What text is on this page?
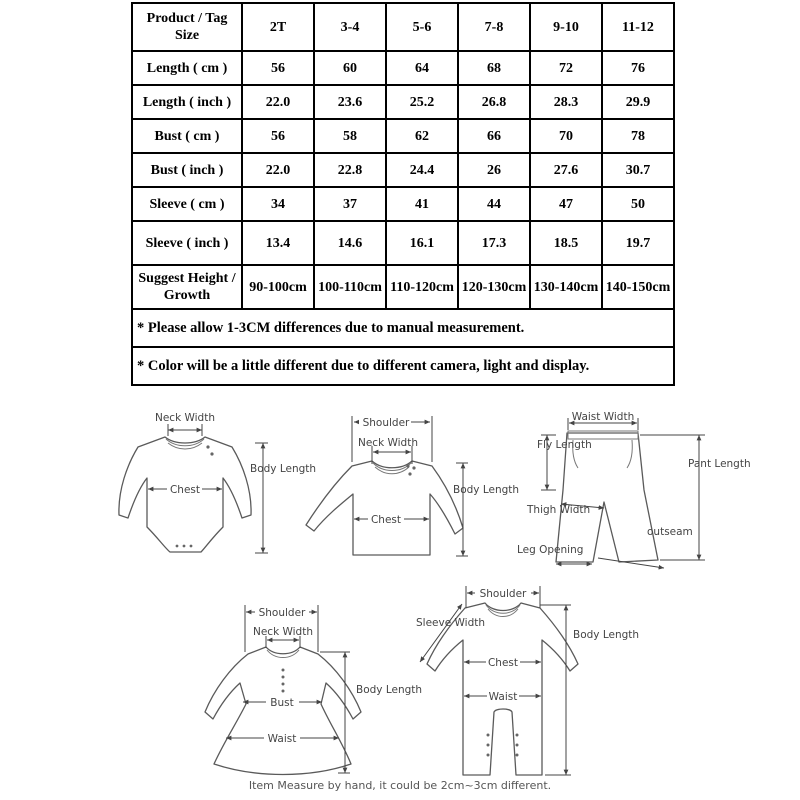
Product / Tag Size	2T	3-4	5-6	7-8	9-10	11-12
Length ( cm )	56	60	64	68	72	76
Length ( inch )	22.0	23.6	25.2	26.8	28.3	29.9
Bust ( cm )	56	58	62	66	70	78
Bust ( inch )	22.0	22.8	24.4	26	27.6	30.7
Sleeve ( cm )	34	37	41	44	47	50
Sleeve ( inch )	13.4	14.6	16.1	17.3	18.5	19.7
Suggest Height / Growth	90-100cm	100-110cm	110-120cm	120-130cm	130-140cm	140-150cm
* Please allow 1-3CM differences due to manual measurement.						
* Color will be a little different due to different camera, light and display.						
Neck Width
Chest
Body Length
Shoulder
Neck Width
Chest
Body Length
Waist Width
Fly Length
Pant Length
Thigh Width
outseam
Leg Opening
Shoulder
Neck Width
Bust
Waist
Body Length
Shoulder
Sleeve Width
Chest
Waist
Body Length
Item Measure by hand, it could be 2cm~3cm different.
